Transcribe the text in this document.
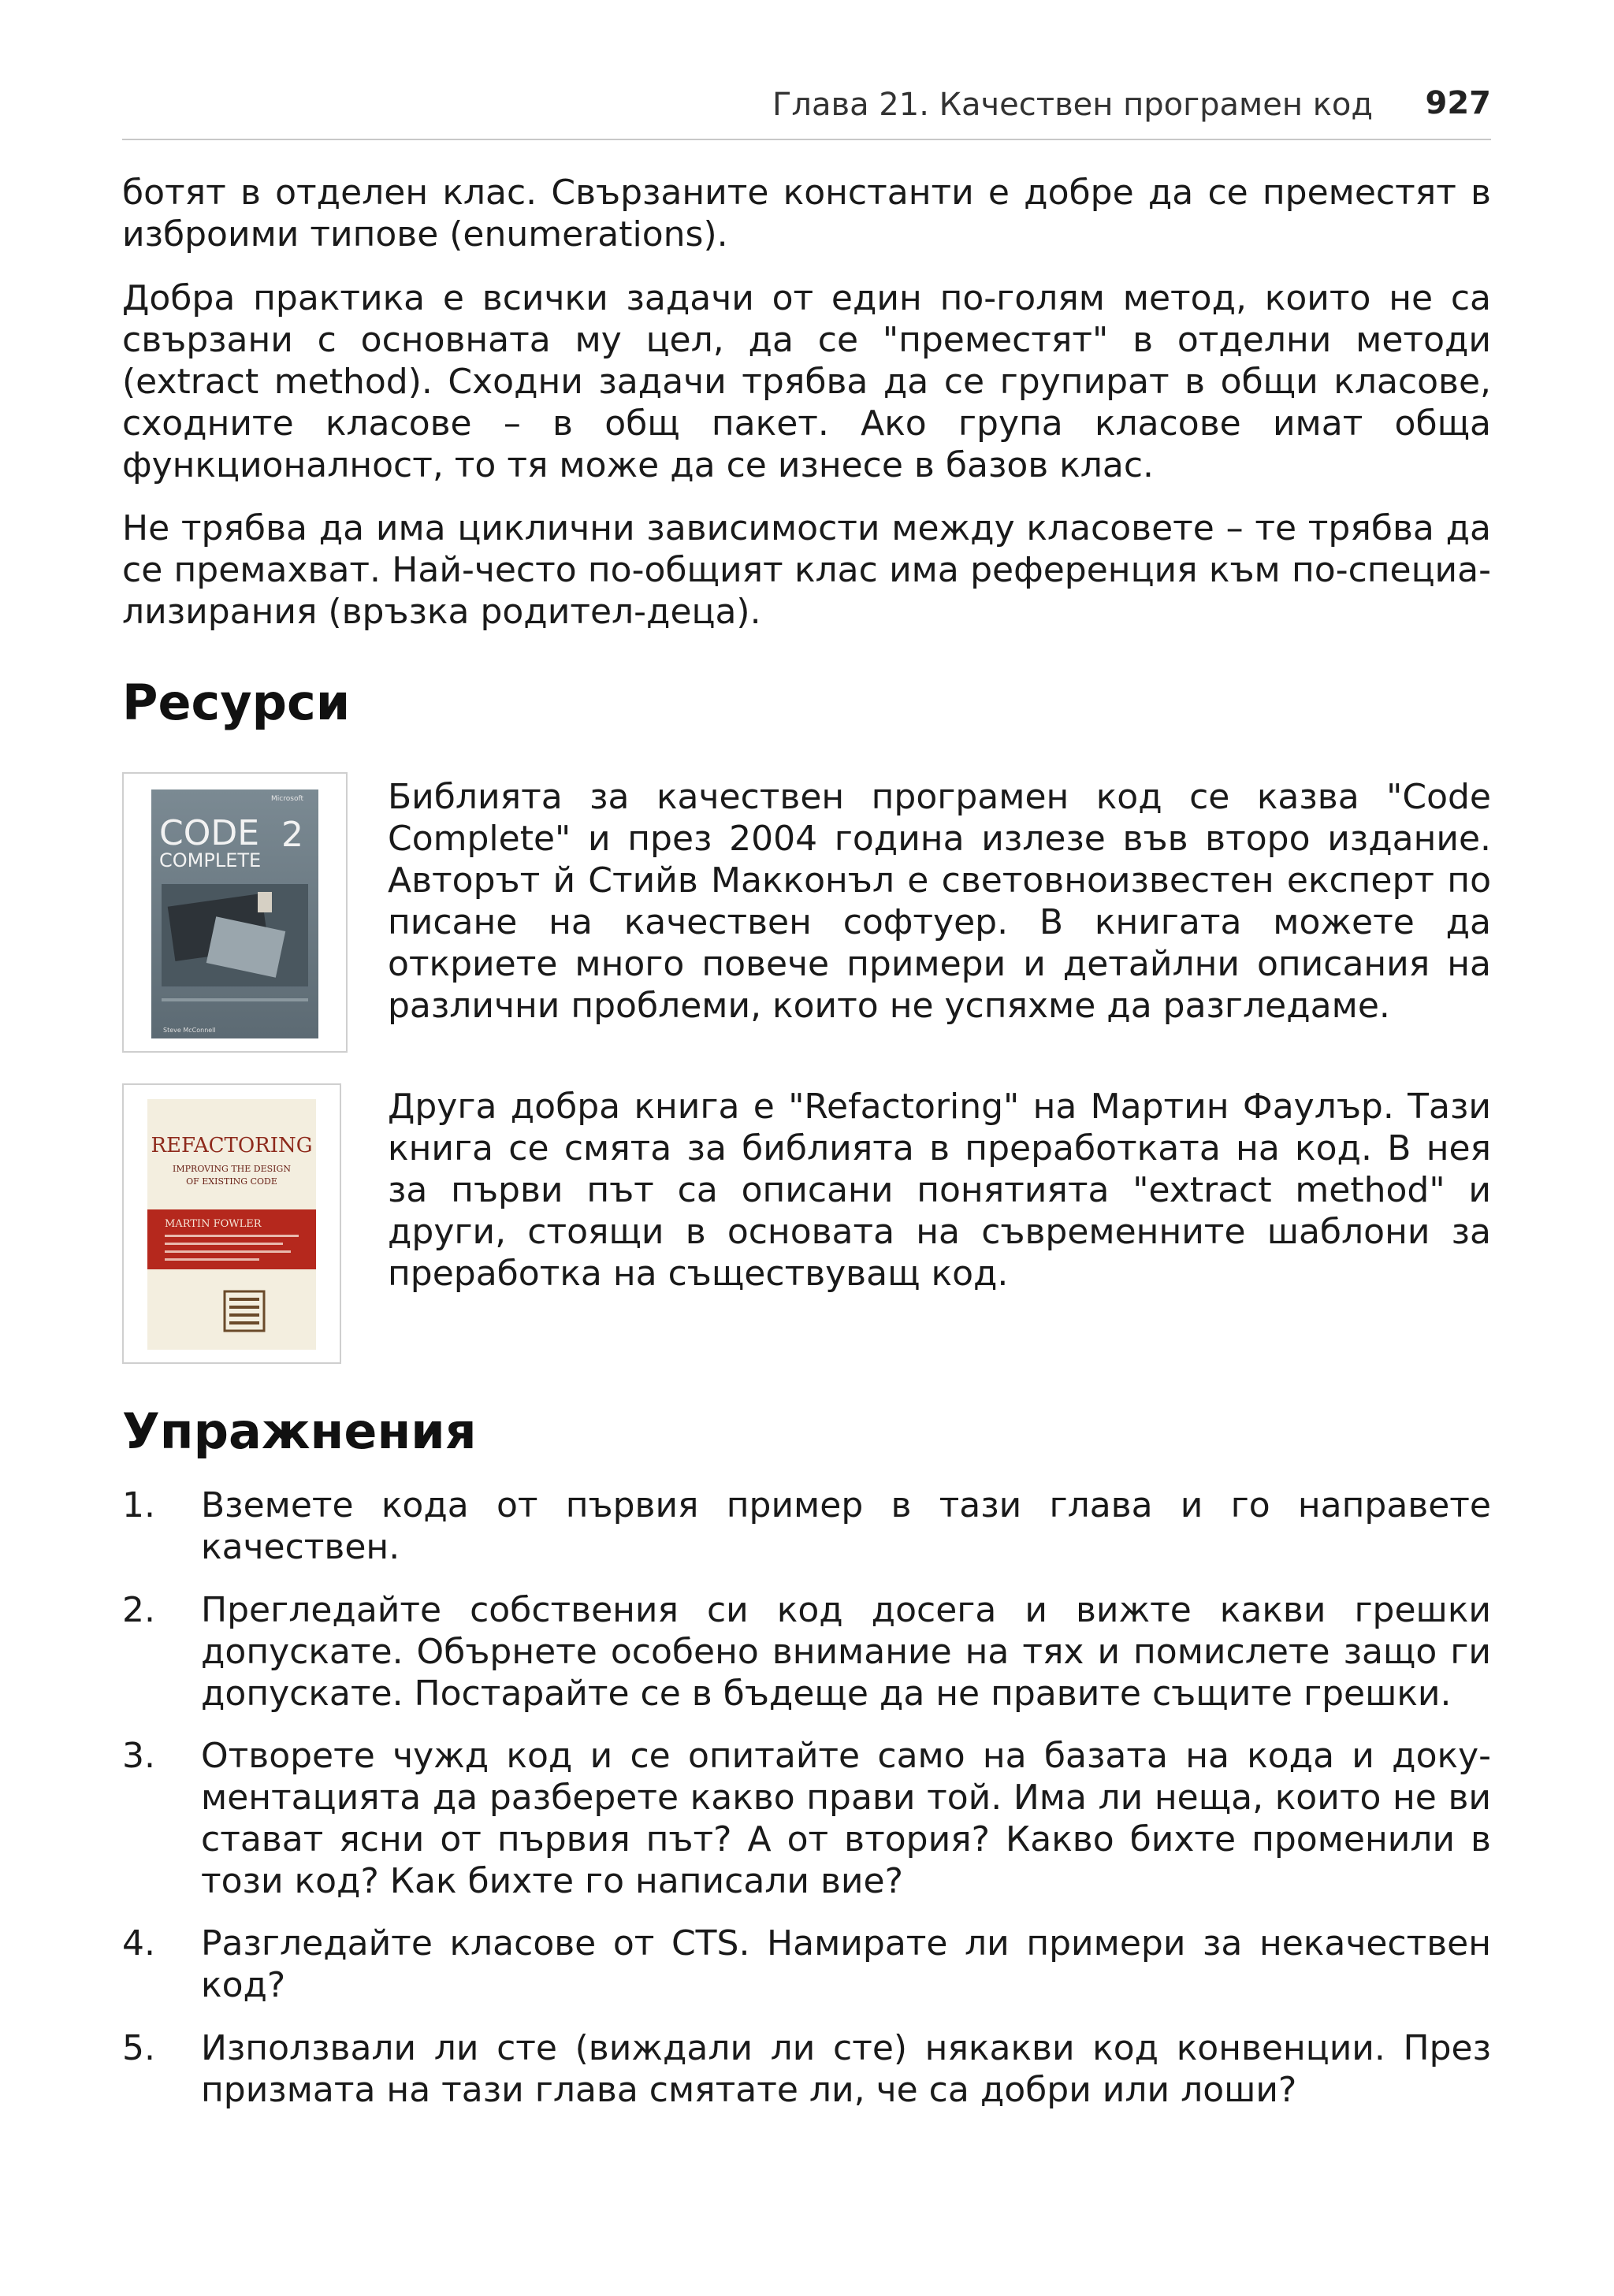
Глава 21. Качествен програмен код 927

ботят в отделен клас. Свързаните константи е добре да се преместят в изброими типове (enumerations).

Добра практика е всички задачи от един по-голям метод, които не са свързани с основната му цел, да се "преместят" в отделни методи (extract method). Сходни задачи трябва да се групират в общи класове, сходните класове – в общ пакет. Ако група класове имат обща функционалност, то тя може да се изнесе в базов клас.

Не трябва да има циклични зависимости между класовете – те трябва да се премахват. Най-често по-общият клас има референция към по-специа-лизирания (връзка родител-деца).

Ресурси
Microsoft
CODE
COMPLETE
2
Steve McConnell

Библията за качествен програмен код се казва "Code Complete" и през 2004 година излезе във второ издание. Авторът й Стийв Макконъл е световноизвестен експерт по писане на качествен софтуер. В книгата можете да откриете много повече примери и детайлни описания на различни проблеми, които не успяхме да разгледаме.

REFACTORING
IMPROVING THE DESIGN
OF EXISTING CODE
MARTIN FOWLER

Друга добра книга е "Refactoring" на Мартин Фаулър. Тази книга се смята за библията в преработката на код. В нея за първи път са описани понятията "extract method" и други, стоящи в основата на съвременните шаблони за преработка на съществуващ код.

Упражнения
1.	Вземете кода от първия пример в тази глава и го направете качествен.
2.	Прегледайте собствения си код досега и вижте какви грешки допускате. Обърнете особено внимание на тях и помислете защо ги допускате. Постарайте се в бъдеще да не правите същите грешки.
3.	Отворете чужд код и се опитайте само на базата на кода и доку-ментацията да разберете какво прави той. Има ли неща, които не ви стават ясни от първия път? А от втория? Какво бихте променили в този код? Как бихте го написали вие?
4.	Разгледайте класове от CTS. Намирате ли примери за некачествен код?
5.	Използвали ли сте (виждали ли сте) някакви код конвенции. През призмата на тази глава смятате ли, че са добри или лоши?
